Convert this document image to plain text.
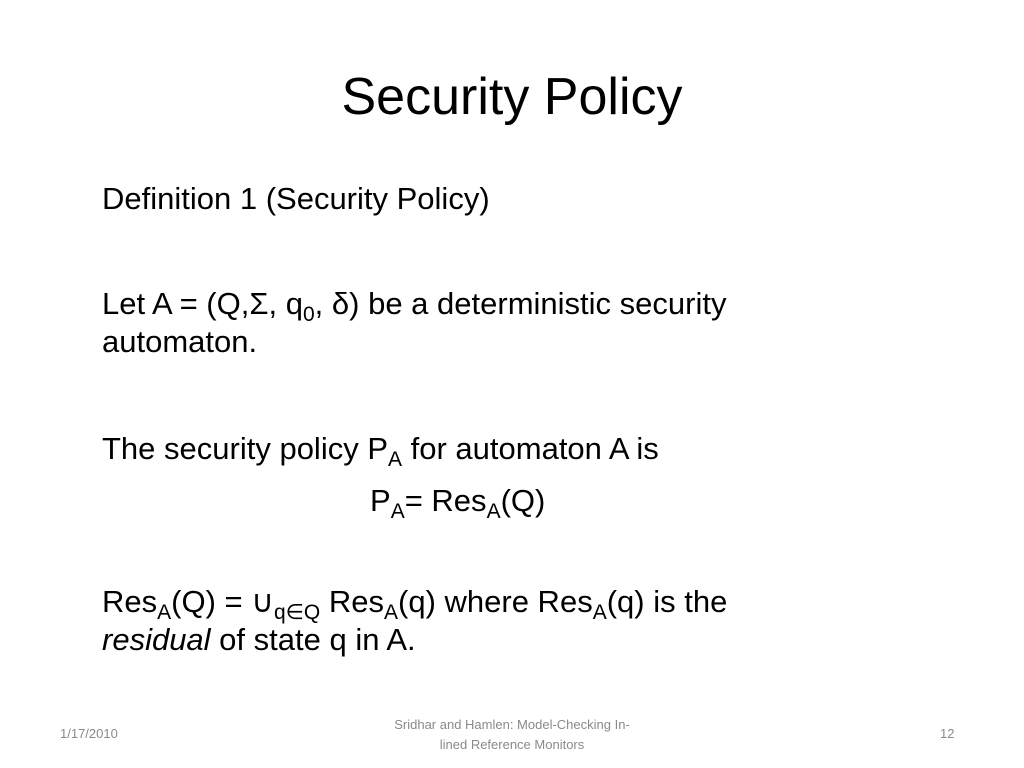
Security Policy

Definition 1 (Security Policy)

Let A = (Q,Σ, $q_0$, δ) be a deterministic security

automaton.

The security policy $P_A$ for automaton A is

$P_A= Res_A(Q)$

$Res_A(Q) = \cup_{q\in Q}$ Res$_A$(q) where Res$_A$(q) is the

residual of state q in A.

1/17/2010
Sridhar and Hamlen: Model-Checking In-
lined Reference Monitors
12
